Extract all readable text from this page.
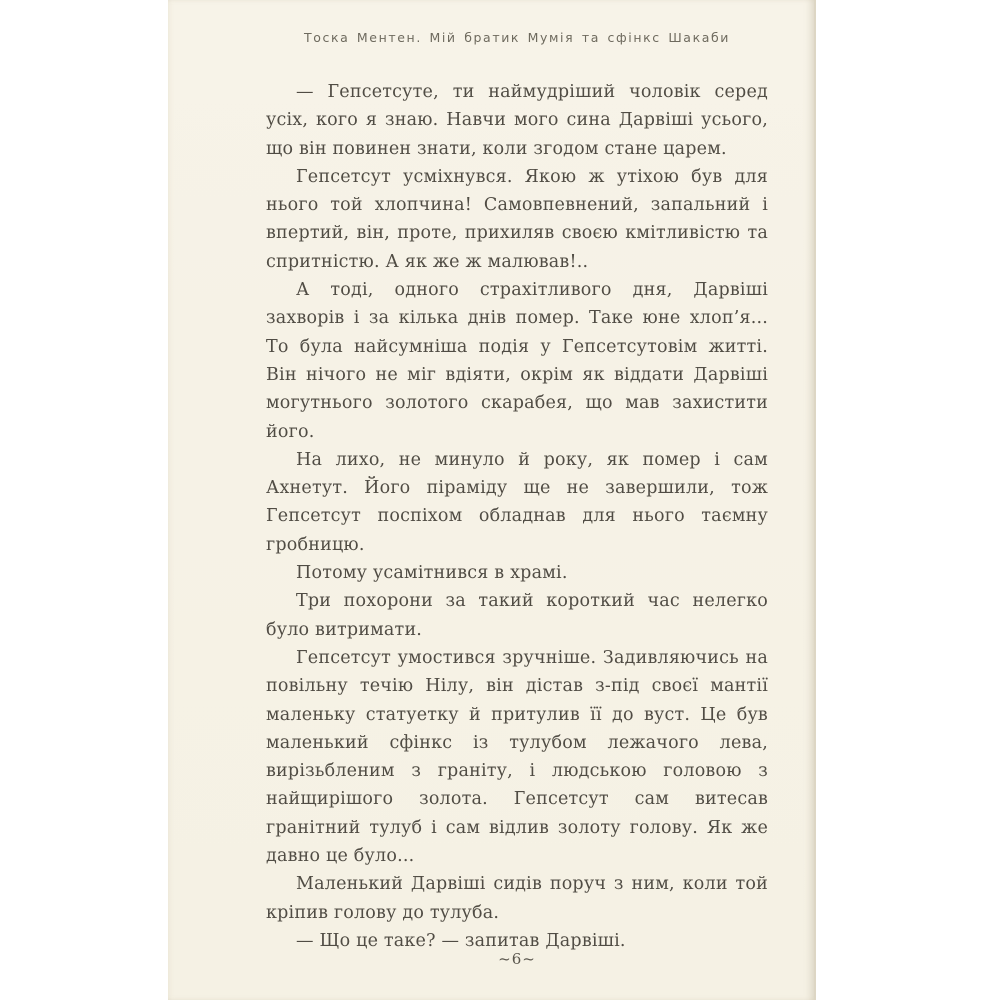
Тоска Ментен. Мій братик Мумія та сфінкс Шакаби

— Гепсетсуте, ти наймудріший чоловік серед усіх, кого я знаю. Навчи мого сина Дарвіші усього, що він повинен знати, коли згодом стане царем.

Гепсетсут усміхнувся. Якою ж утіхою був для нього той хлопчина! Самовпевнений, запальний і впертий, він, проте, прихиляв своєю кмітливістю та спритністю. А як же ж малював!..

А тоді, одного страхітливого дня, Дарвіші захворів і за кілька днів помер. Таке юне хлоп’я... То була найсумніша подія у Гепсетсутовім житті. Він нічого не міг вдіяти, окрім як віддати Дарвіші могутнього золотого скарабея, що мав захистити його.

На лихо, не минуло й року, як помер і сам Ахнетут. Його піраміду ще не завершили, тож Гепсетсут поспіхом обладнав для нього таємну гробницю.

Потому усамітнився в храмі.

Три похорони за такий короткий час нелегко було витримати.

Гепсетсут умостився зручніше. Задивляючись на повільну течію Нілу, він дістав з-під своєї мантії маленьку статуетку й притулив її до вуст. Це був маленький сфінкс із тулубом лежачого лева, вирізьбленим з граніту, і людською головою з найщирішого золота. Гепсетсут сам витесав гранітний тулуб і сам відлив золоту голову. Як же давно це було...

Маленький Дарвіші сидів поруч з ним, коли той кріпив голову до тулуба.

— Що це таке? — запитав Дарвіші.

~6~
